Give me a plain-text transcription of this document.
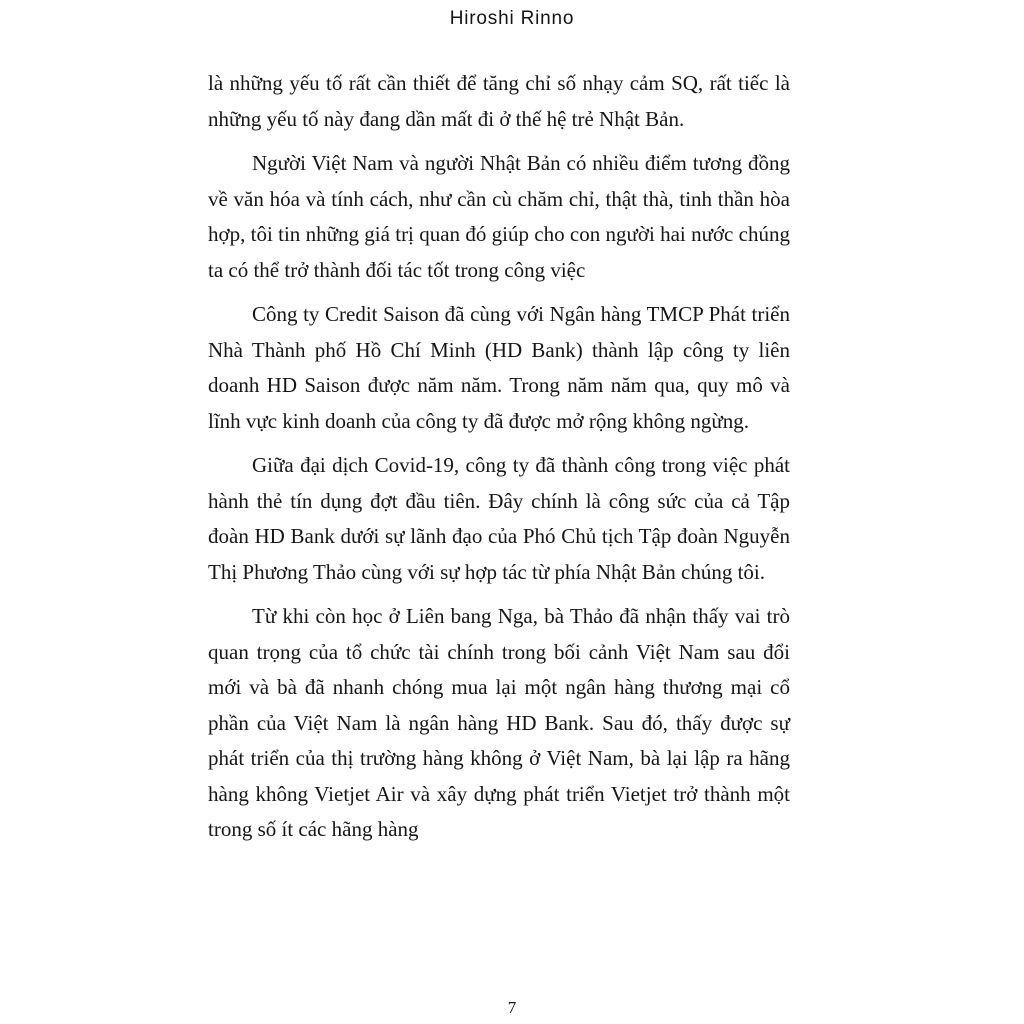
Hiroshi Rinno

là những yếu tố rất cần thiết để tăng chỉ số nhạy cảm SQ, rất tiếc là những yếu tố này đang dần mất đi ở thế hệ trẻ Nhật Bản.

Người Việt Nam và người Nhật Bản có nhiều điểm tương đồng về văn hóa và tính cách, như cần cù chăm chỉ, thật thà, tinh thần hòa hợp, tôi tin những giá trị quan đó giúp cho con người hai nước chúng ta có thể trở thành đối tác tốt trong công việc

Công ty Credit Saison đã cùng với Ngân hàng TMCP Phát triển Nhà Thành phố Hồ Chí Minh (HD Bank) thành lập công ty liên doanh HD Saison được năm năm. Trong năm năm qua, quy mô và lĩnh vực kinh doanh của công ty đã được mở rộng không ngừng.

Giữa đại dịch Covid-19, công ty đã thành công trong việc phát hành thẻ tín dụng đợt đầu tiên. Đây chính là công sức của cả Tập đoàn HD Bank dưới sự lãnh đạo của Phó Chủ tịch Tập đoàn Nguyễn Thị Phương Thảo cùng với sự hợp tác từ phía Nhật Bản chúng tôi.

Từ khi còn học ở Liên bang Nga, bà Thảo đã nhận thấy vai trò quan trọng của tổ chức tài chính trong bối cảnh Việt Nam sau đổi mới và bà đã nhanh chóng mua lại một ngân hàng thương mại cổ phần của Việt Nam là ngân hàng HD Bank. Sau đó, thấy được sự phát triển của thị trường hàng không ở Việt Nam, bà lại lập ra hãng hàng không Vietjet Air và xây dựng phát triển Vietjet trở thành một trong số ít các hãng hàng

7
